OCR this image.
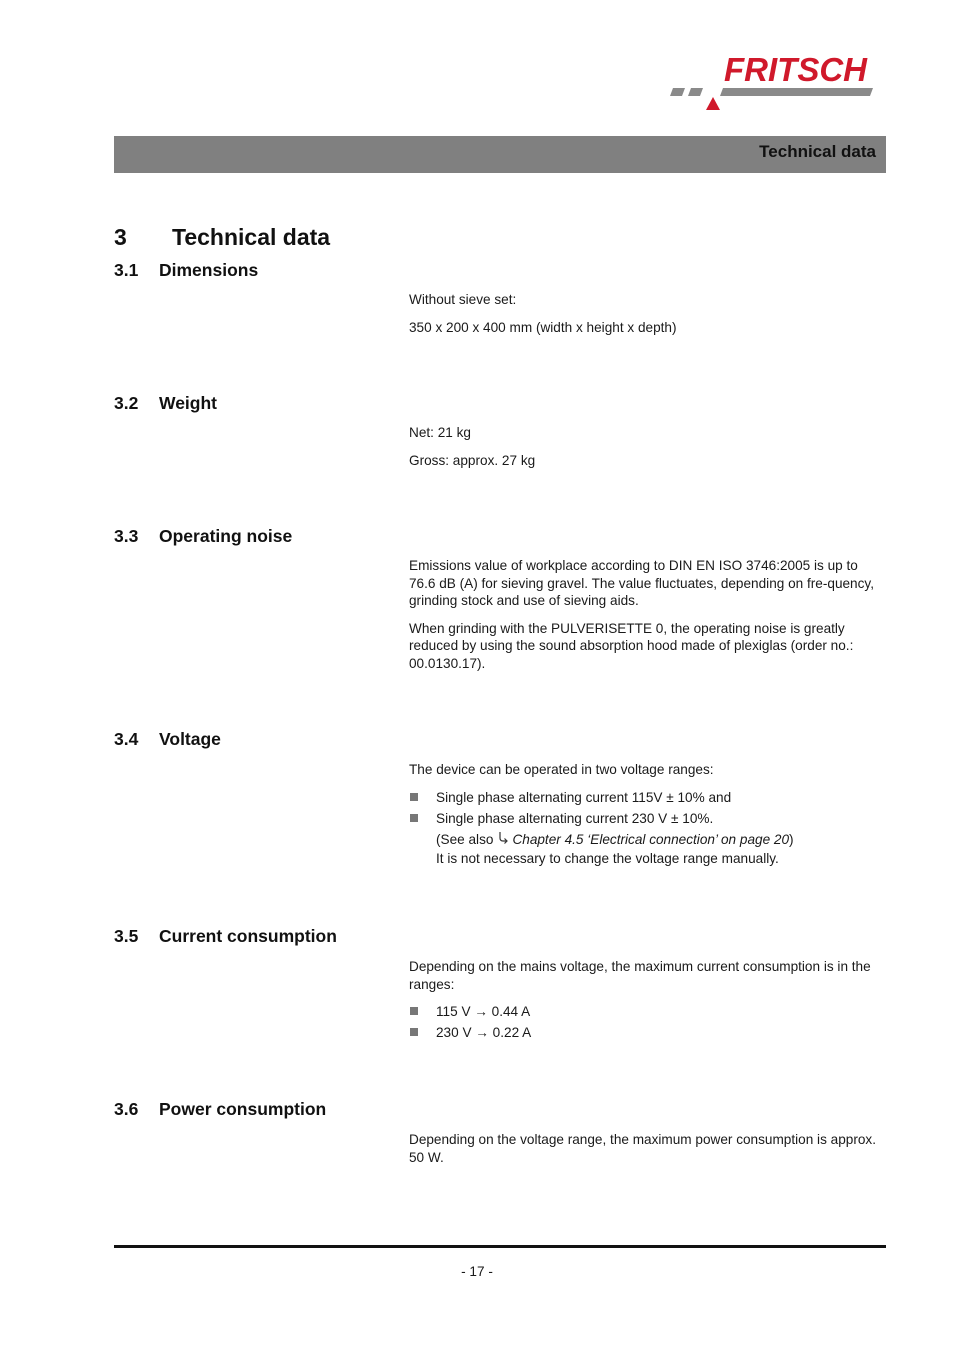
FRITSCH
Technical data
3 Technical data
3.1 Dimensions

Without sieve set:

350 x 200 x 400 mm (width x height x depth)

3.2 Weight

Net: 21 kg

Gross: approx. 27 kg

3.3 Operating noise

Emissions value of workplace according to DIN EN ISO 3746:2005 is up to 76.6 dB (A) for sieving gravel. The value fluctuates, depending on fre-quency, grinding stock and use of sieving aids.

When grinding with the PULVERISETTE 0, the operating noise is greatly reduced by using the sound absorption hood made of plexiglas (order no.: 00.0130.17).

3.4 Voltage

The device can be operated in two voltage ranges:

Single phase alternating current 115V ± 10% and
Single phase alternating current 230 V ± 10%.
(See also Chapter 4.5 ‘Electrical connection’ on page 20)
It is not necessary to change the voltage range manually.
3.5 Current consumption

Depending on the mains voltage, the maximum current consumption is in the ranges:

115 V → 0.44 A
230 V → 0.22 A
3.6 Power consumption

Depending on the voltage range, the maximum power consumption is approx. 50 W.

- 17 -
